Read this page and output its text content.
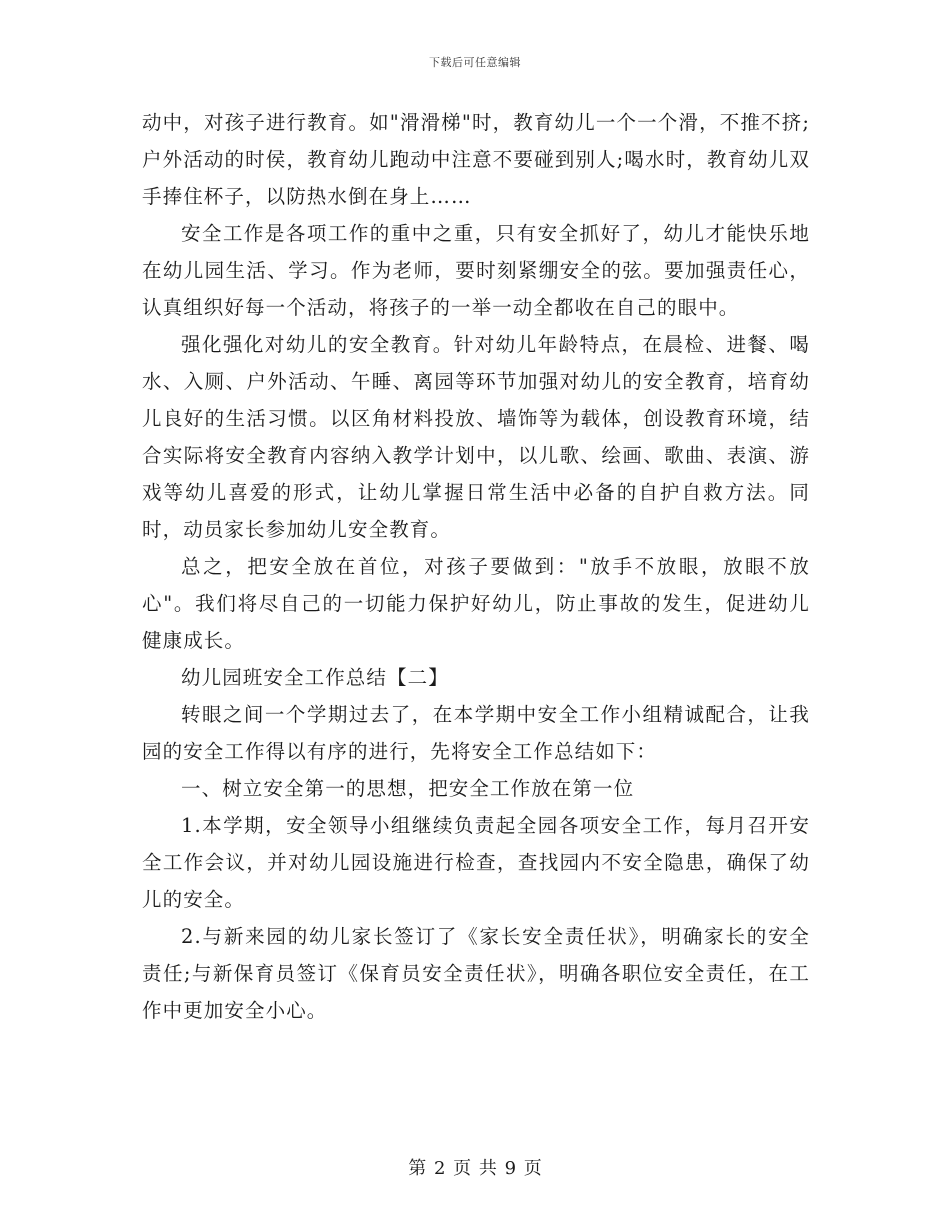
下载后可任意编辑

动中，对孩子进行教育。如"滑滑梯"时，教育幼儿一个一个滑，不推不挤;户外活动的时侯，教育幼儿跑动中注意不要碰到别人;喝水时，教育幼儿双手捧住杯子，以防热水倒在身上……

安全工作是各项工作的重中之重，只有安全抓好了，幼儿才能快乐地在幼儿园生活、学习。作为老师，要时刻紧绷安全的弦。要加强责任心，认真组织好每一个活动，将孩子的一举一动全都收在自己的眼中。

强化强化对幼儿的安全教育。针对幼儿年龄特点，在晨检、进餐、喝水、入厕、户外活动、午睡、离园等环节加强对幼儿的安全教育，培育幼儿良好的生活习惯。以区角材料投放、墙饰等为载体，创设教育环境，结合实际将安全教育内容纳入教学计划中，以儿歌、绘画、歌曲、表演、游戏等幼儿喜爱的形式，让幼儿掌握日常生活中必备的自护自救方法。同时，动员家长参加幼儿安全教育。

总之，把安全放在首位，对孩子要做到："放手不放眼，放眼不放心"。我们将尽自己的一切能力保护好幼儿，防止事故的发生，促进幼儿健康成长。

幼儿园班安全工作总结【二】

转眼之间一个学期过去了，在本学期中安全工作小组精诚配合，让我园的安全工作得以有序的进行，先将安全工作总结如下：

一、树立安全第一的思想，把安全工作放在第一位

1.本学期，安全领导小组继续负责起全园各项安全工作，每月召开安全工作会议，并对幼儿园设施进行检查，查找园内不安全隐患，确保了幼儿的安全。

2.与新来园的幼儿家长签订了《家长安全责任状》，明确家长的安全责任;与新保育员签订《保育员安全责任状》，明确各职位安全责任，在工作中更加安全小心。

第 2 页 共 9 页
